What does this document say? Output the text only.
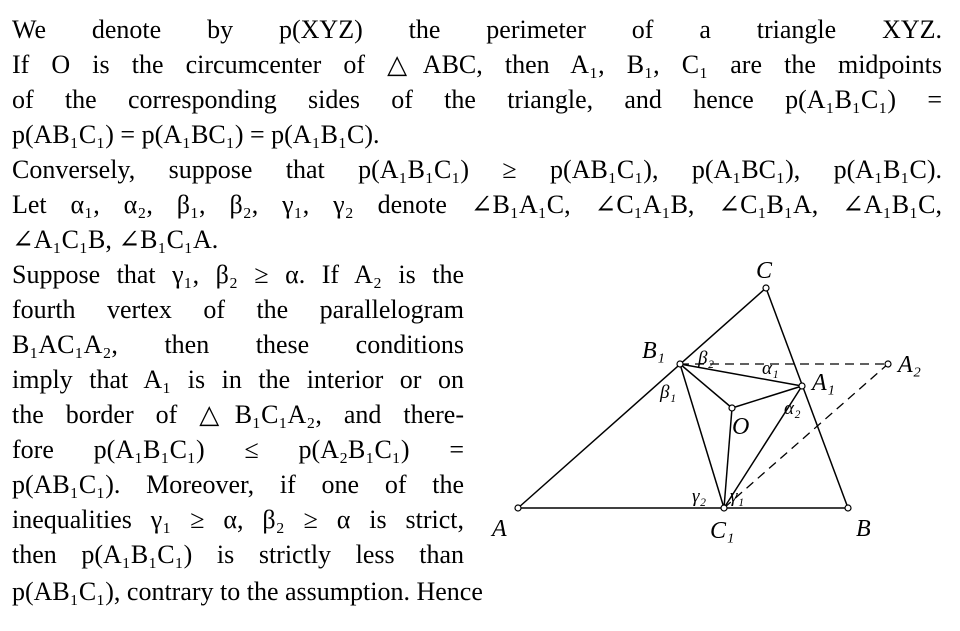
We denote by p(XYZ) the perimeter of a triangle XYZ.
If O is the circumcenter of △ABC, then A₁, B₁, C₁ are the midpoints
of the corresponding sides of the triangle, and hence p(A₁B₁C₁) =
p(AB₁C₁) = p(A₁BC₁) = p(A₁B₁C).
Conversely, suppose that p(A₁B₁C₁) ≥ p(AB₁C₁), p(A₁BC₁), p(A₁B₁C).
Let α₁, α₂, β₁, β₂, γ₁, γ₂ denote ∠B₁A₁C, ∠C₁A₁B, ∠C₁B₁A, ∠A₁B₁C,
∠A₁C₁B, ∠B₁C₁A.
Suppose that γ₁, β₂ ≥ α. If A₂ is the
fourth vertex of the parallelogram
B₁AC₁A₂, then these conditions
imply that A₁ is in the interior or on
the border of △B₁C₁A₂, and there-
fore p(A₁B₁C₁) ≤ p(A₂B₁C₁) =
p(AB₁C₁). Moreover, if one of the
inequalities γ₁ ≥ α, β₂ ≥ α is strict,
then p(A₁B₁C₁) is strictly less than
p(AB₁C₁), contrary to the assumption. Hence
A	B
C
B₁
A₁
C₁
A₂
O
β₂	α₁
β₁
α₂
γ₂ γ₁
